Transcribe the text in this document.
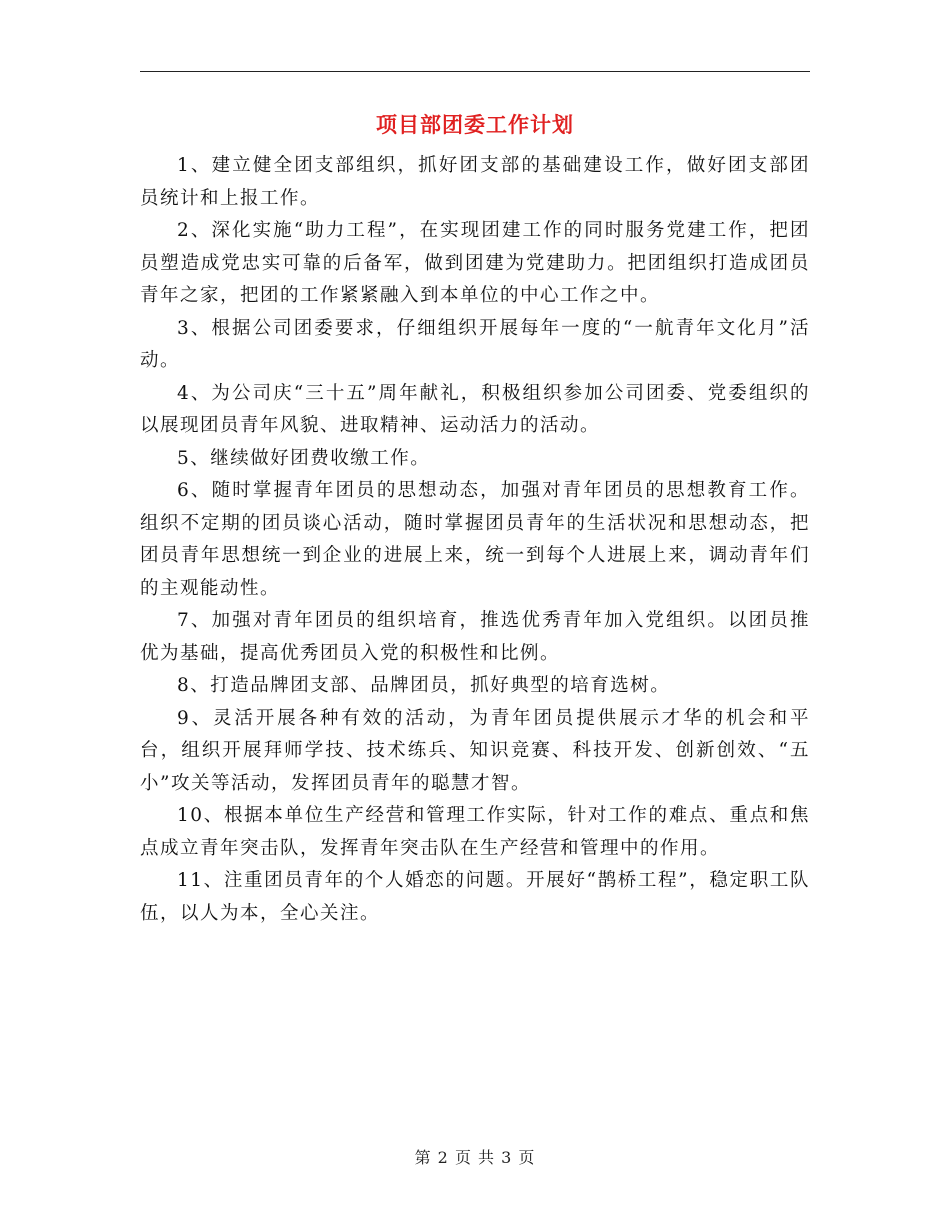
项目部团委工作计划

1、建立健全团支部组织，抓好团支部的基础建设工作，做好团支部团员统计和上报工作。

2、深化实施“助力工程”，在实现团建工作的同时服务党建工作，把团员塑造成党忠实可靠的后备军，做到团建为党建助力。把团组织打造成团员青年之家，把团的工作紧紧融入到本单位的中心工作之中。

3、根据公司团委要求，仔细组织开展每年一度的“一航青年文化月”活动。

4、为公司庆“三十五”周年献礼，积极组织参加公司团委、党委组织的以展现团员青年风貌、进取精神、运动活力的活动。

5、继续做好团费收缴工作。

6、随时掌握青年团员的思想动态，加强对青年团员的思想教育工作。组织不定期的团员谈心活动，随时掌握团员青年的生活状况和思想动态，把团员青年思想统一到企业的进展上来，统一到每个人进展上来，调动青年们的主观能动性。

7、加强对青年团员的组织培育，推选优秀青年加入党组织。以团员推优为基础，提高优秀团员入党的积极性和比例。

8、打造品牌团支部、品牌团员，抓好典型的培育选树。

9、灵活开展各种有效的活动，为青年团员提供展示才华的机会和平台，组织开展拜师学技、技术练兵、知识竞赛、科技开发、创新创效、“五小”攻关等活动，发挥团员青年的聪慧才智。

10、根据本单位生产经营和管理工作实际，针对工作的难点、重点和焦点成立青年突击队，发挥青年突击队在生产经营和管理中的作用。

11、注重团员青年的个人婚恋的问题。开展好“鹊桥工程”，稳定职工队伍，以人为本，全心关注。

第 2 页 共 3 页
